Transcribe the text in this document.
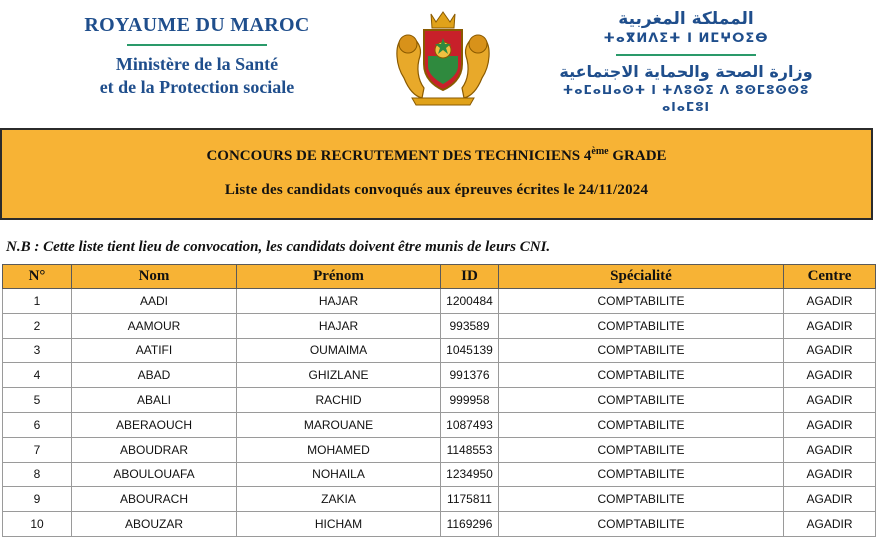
ROYAUME DU MAROC
Ministère de la Santé
et de la Protection sociale
المملكة المغربية
ⵜⴰⴳⵍⴷⵉⵜ ⵏ ⵍⵎⵖⵔⵉⴱ
وزارة الصحة والحماية الاجتماعية
ⵜⴰⵎⴰⵡⴰⵙⵜ ⵏ ⵜⴷⵓⵙⵉ ⴷ ⵓⵙⵎⵓⵙⵙⵓ ⴰⵏⴰⵎⵓⵏ
CONCOURS DE RECRUTEMENT DES TECHNICIENS 4ème GRADE
Liste des candidats convoqués aux épreuves écrites le 24/11/2024
N.B : Cette liste tient lieu de convocation, les candidats doivent être munis de leurs CNI.
N°	Nom	Prénom	ID	Spécialité	Centre
1	AADI	HAJAR	1200484	COMPTABILITE	AGADIR
2	AAMOUR	HAJAR	993589	COMPTABILITE	AGADIR
3	AATIFI	OUMAIMA	1045139	COMPTABILITE	AGADIR
4	ABAD	GHIZLANE	991376	COMPTABILITE	AGADIR
5	ABALI	RACHID	999958	COMPTABILITE	AGADIR
6	ABERAOUCH	MAROUANE	1087493	COMPTABILITE	AGADIR
7	ABOUDRAR	MOHAMED	1148553	COMPTABILITE	AGADIR
8	ABOULOUAFA	NOHAILA	1234950	COMPTABILITE	AGADIR
9	ABOURACH	ZAKIA	1175811	COMPTABILITE	AGADIR
10	ABOUZAR	HICHAM	1169296	COMPTABILITE	AGADIR
